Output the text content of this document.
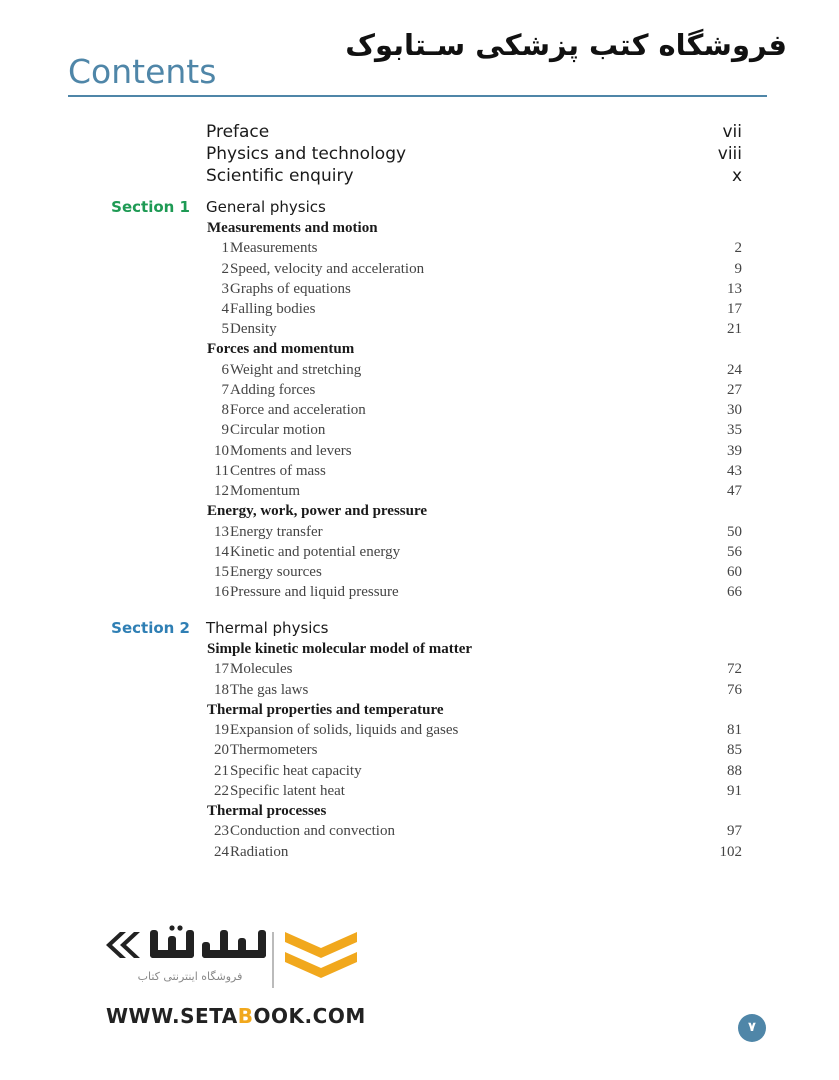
فروشگاه کتب پزشکی سـتابوک
Contents
Preface	vii
Physics and technology	viii
Scientific enquiry	x
Section 1 General physics
Measurements and motion
1 Measurements	2
2 Speed, velocity and acceleration	9
3 Graphs of equations	13
4 Falling bodies	17
5 Density	21
Forces and momentum
6 Weight and stretching	24
7 Adding forces	27
8 Force and acceleration	30
9 Circular motion	35
10 Moments and levers	39
11 Centres of mass	43
12 Momentum	47
Energy, work, power and pressure
13 Energy transfer	50
14 Kinetic and potential energy	56
15 Energy sources	60
16 Pressure and liquid pressure	66
Section 2 Thermal physics
Simple kinetic molecular model of matter
17 Molecules	72
18 The gas laws	76
Thermal properties and temperature
19 Expansion of solids, liquids and gases	81
20 Thermometers	85
21 Specific heat capacity	88
22 Specific latent heat	91
Thermal processes
23 Conduction and convection	97
24 Radiation	102
فروشگاه اینترنتی کتاب
WWW.SETABOOK.COM	۷
